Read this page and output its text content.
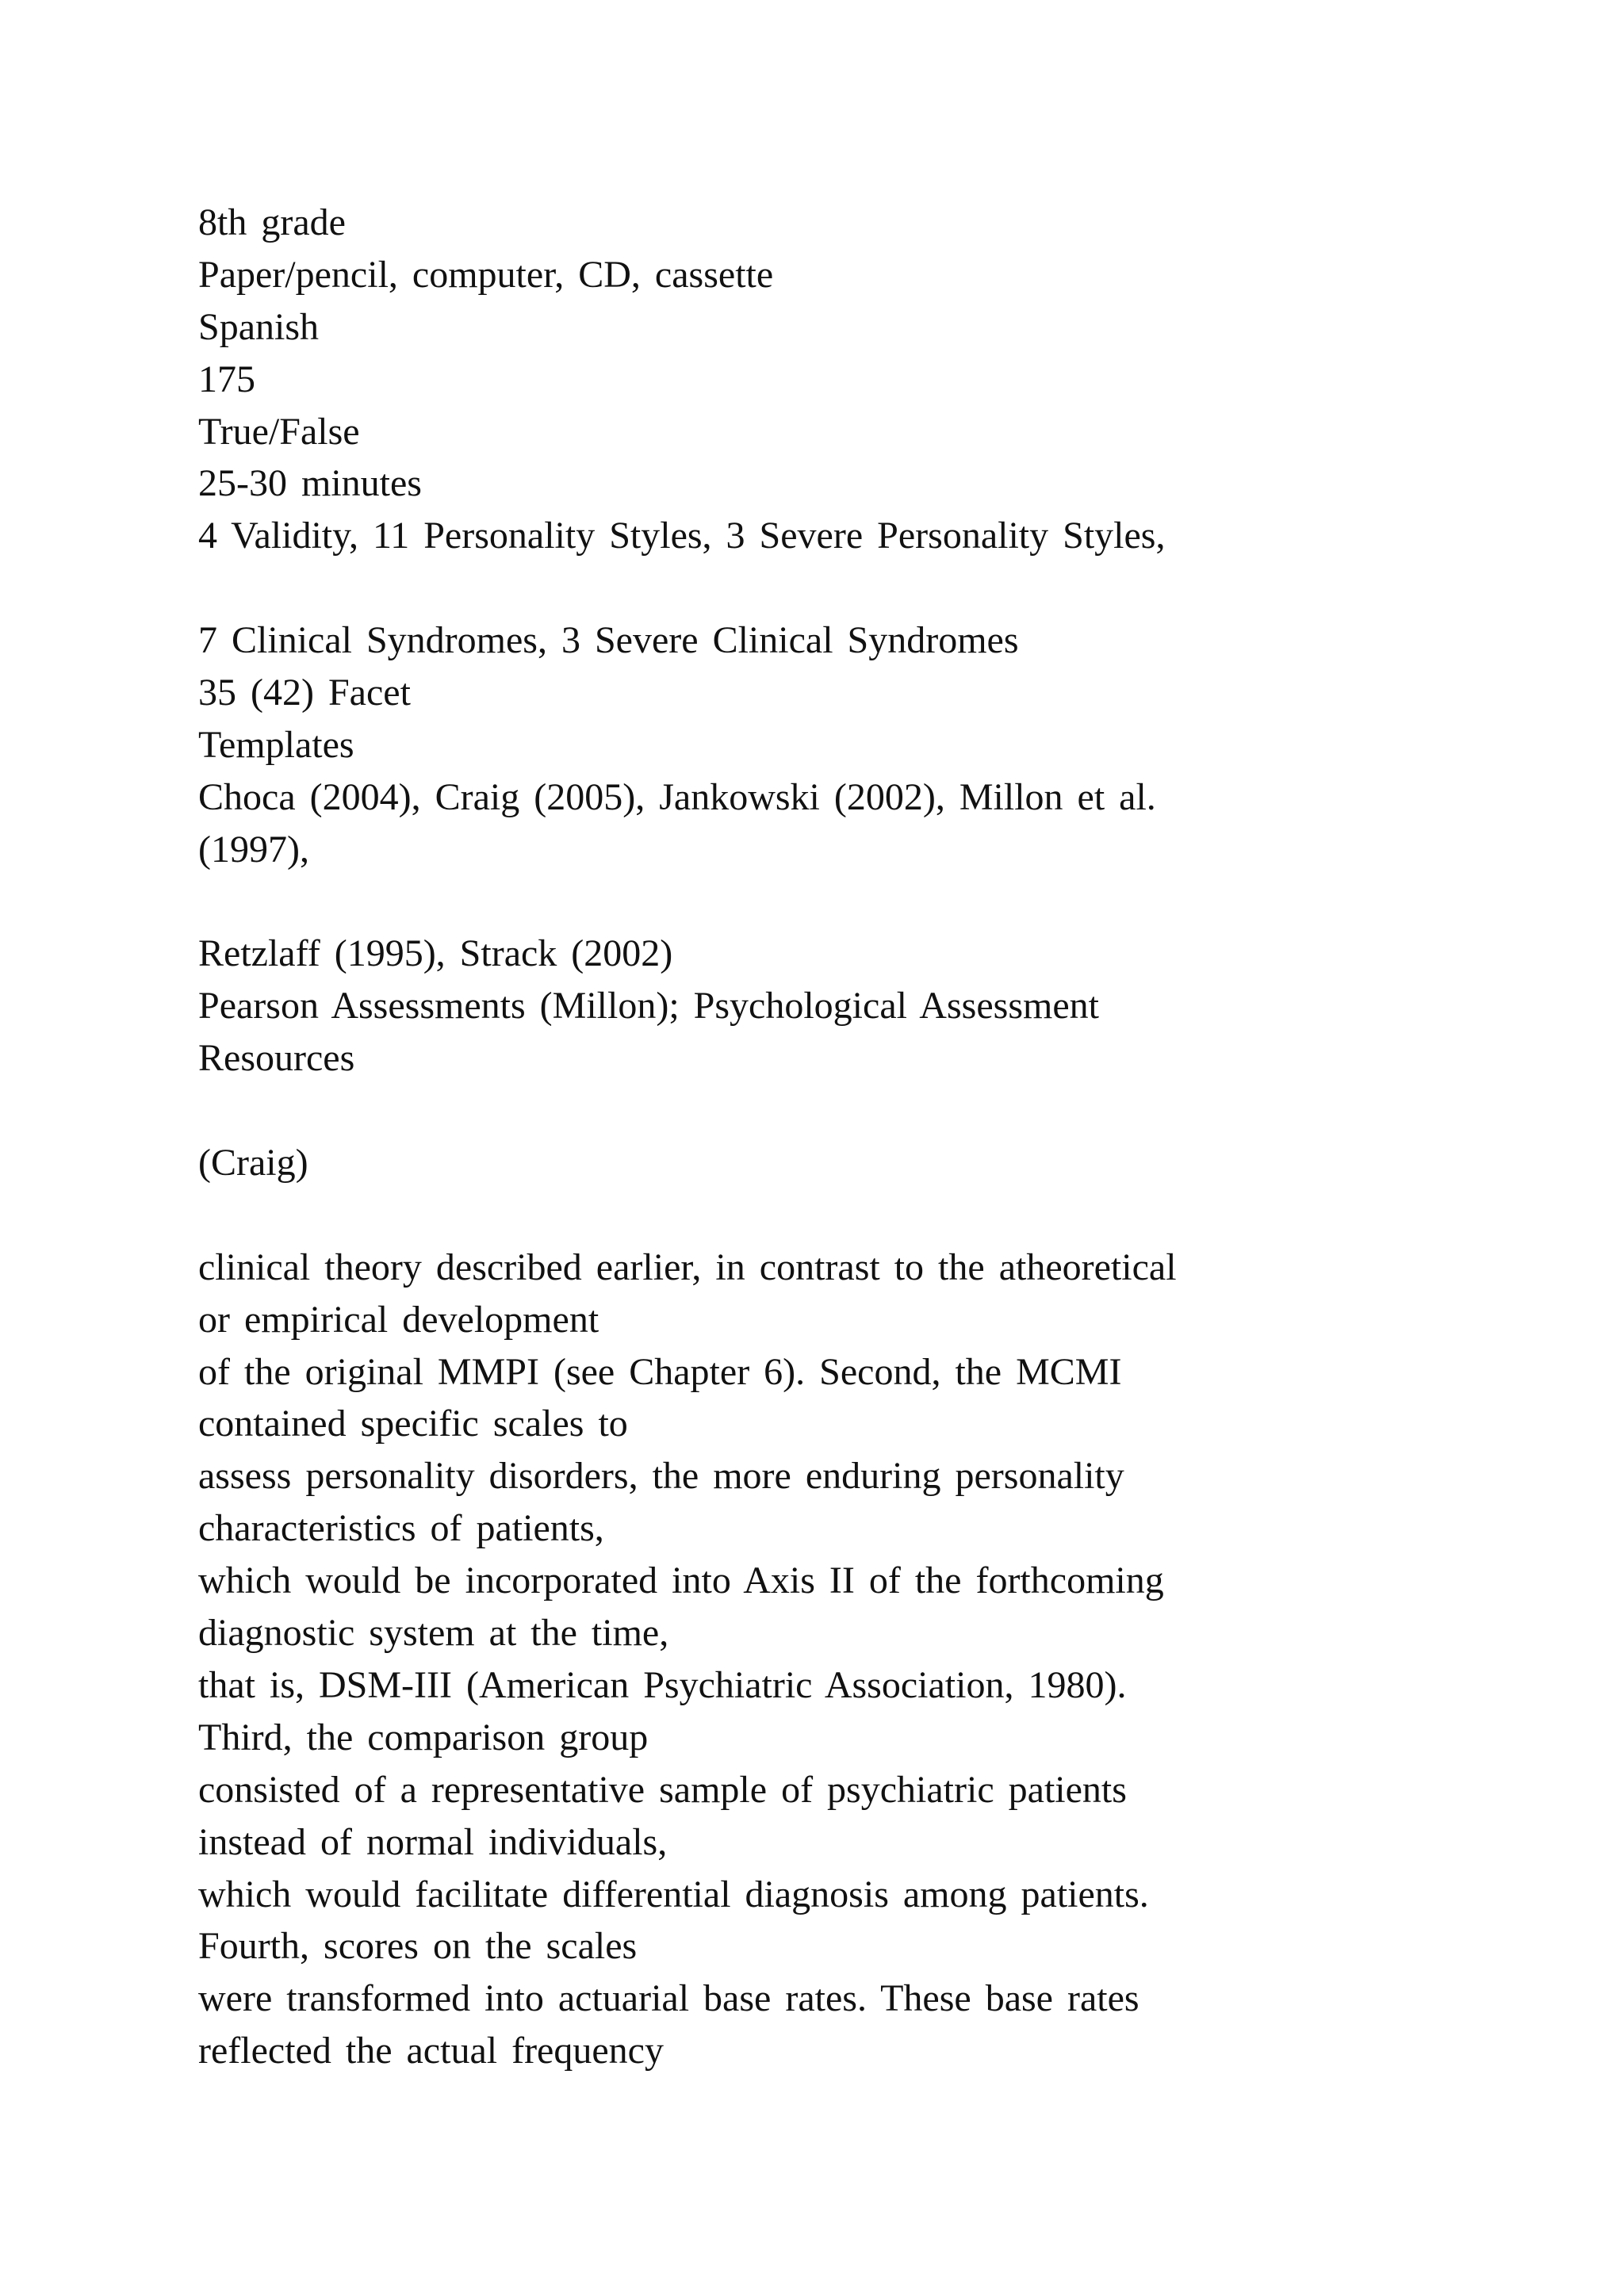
8th grade
Paper/pencil, computer, CD, cassette
Spanish
175
True/False
25-30 minutes
4 Validity, 11 Personality Styles, 3 Severe Personality Styles,
7 Clinical Syndromes, 3 Severe Clinical Syndromes
35 (42) Facet
Templates
Choca (2004), Craig (2005), Jankowski (2002), Millon et al.
(1997),
Retzlaff (1995), Strack (2002)
Pearson Assessments (Millon); Psychological Assessment
Resources
(Craig)
clinical theory described earlier, in contrast to the atheoretical
or empirical development
of the original MMPI (see Chapter 6). Second, the MCMI
contained specific scales to
assess personality disorders, the more enduring personality
characteristics of patients,
which would be incorporated into Axis II of the forthcoming
diagnostic system at the time,
that is, DSM-III (American Psychiatric Association, 1980).
Third, the comparison group
consisted of a representative sample of psychiatric patients
instead of normal individuals,
which would facilitate differential diagnosis among patients.
Fourth, scores on the scales
were transformed into actuarial base rates. These base rates
reflected the actual frequency
